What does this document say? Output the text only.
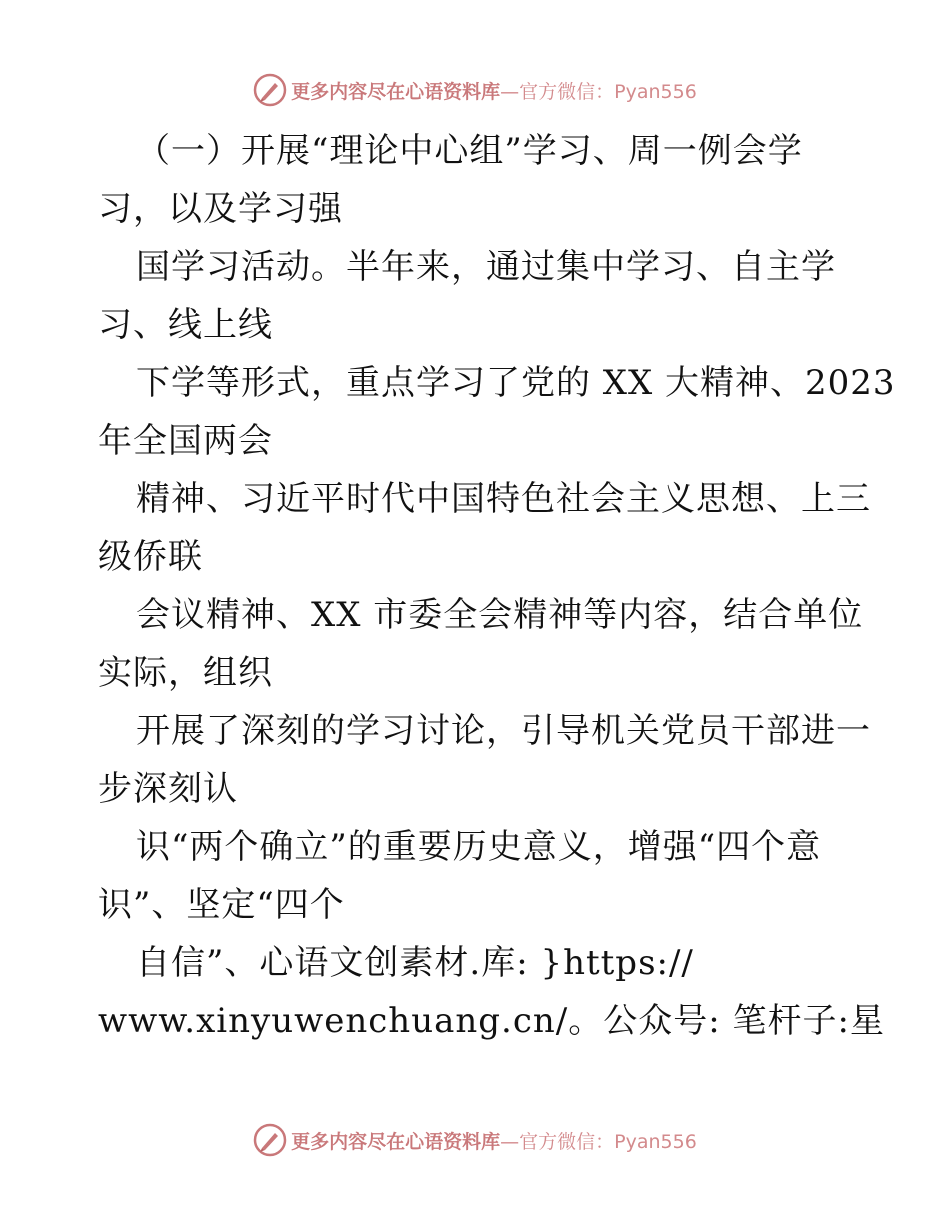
更多内容尽在心语资料库 —官方微信：Pyan556
（一）开展“理论中心组”学习、周一例会学
习，以及学习强
国学习活动。半年来，通过集中学习、自主学
习、线上线
下学等形式，重点学习了党的 XX 大精神、2023
年全国两会
精神、习近平时代中国特色社会主义思想、上三
级侨联
会议精神、XX 市委全会精神等内容，结合单位
实际，组织
开展了深刻的学习讨论，引导机关党员干部进一
步深刻认
识“两个确立”的重要历史意义，增强“四个意
识”、坚定“四个
自信”、心语文创素材.库: }https://
www.xinyuwenchuang.cn/。公众号: 笔杆子:星
更多内容尽在心语资料库 —官方微信：Pyan556
